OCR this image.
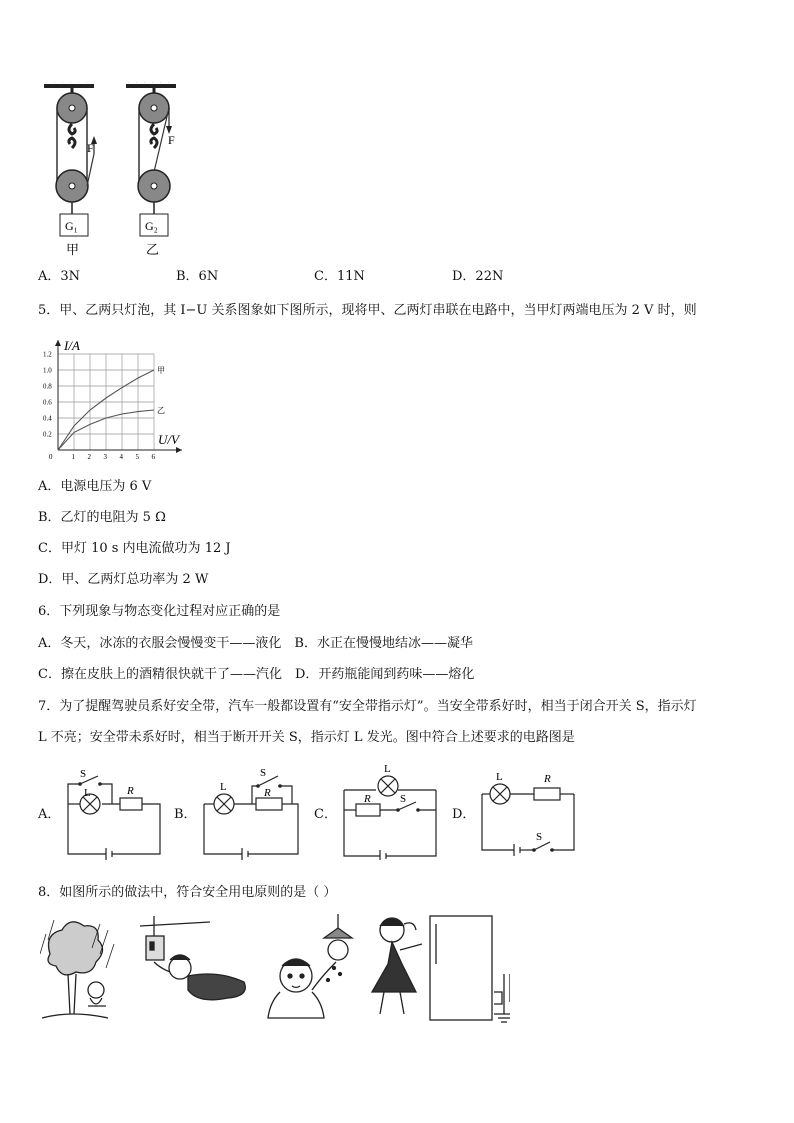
F
G₁
甲
F
G₂
乙
A．3N	B．6N	C．11N	D．22N
5．甲、乙两只灯泡，其 I−U 关系图象如下图所示，现将甲、乙两灯串联在电路中，当甲灯两端电压为 2 V 时，则
0	1 2 3 4 5 6
0.2
0.4
0.6
0.8
1.0
1.2
甲
乙
I/A
U/V
A．电源电压为 6 V
B．乙灯的电阻为 5 Ω
C．甲灯 10 s 内电流做功为 12 J
D．甲、乙两灯总功率为 2 W
6．下列现象与物态变化过程对应正确的是
A．冬天，冰冻的衣服会慢慢变干——液化　B．水正在慢慢地结冰——凝华
C．擦在皮肤上的酒精很快就干了——汽化　D．开药瓶能闻到药味——熔化
7．为了提醒驾驶员系好安全带，汽车一般都设置有“安全带指示灯”。当安全带系好时，相当于闭合开关 S，指示灯
L 不亮；安全带未系好时，相当于断开开关 S，指示灯 L 发光。图中符合上述要求的电路图是
A．
S
L	R
B．
S
L	R
C．
L
R	S
D．
L	R
S
8．如图所示的做法中，符合安全用电原则的是（ ）
